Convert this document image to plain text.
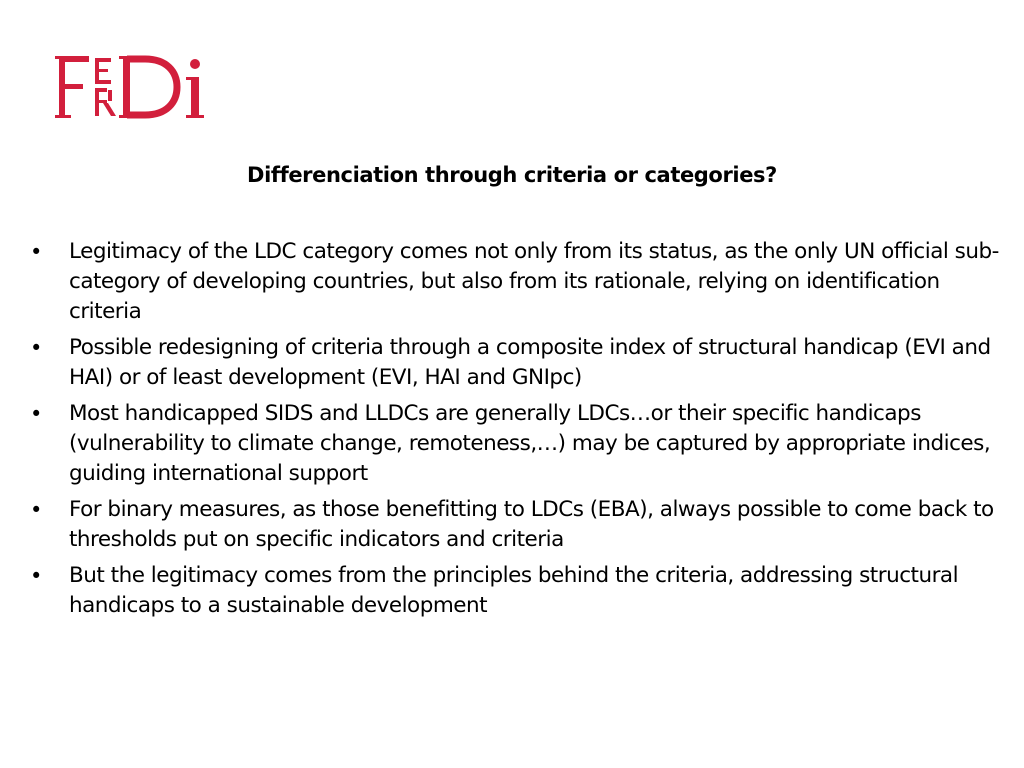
Differenciation through criteria or categories?
•	Legitimacy of the LDC category comes not only from its status, as the only UN official sub- category of developing countries, but also from its rationale, relying on identification criteria
•	Possible redesigning of criteria through a composite index of structural handicap (EVI and HAI) or of least development (EVI, HAI and GNIpc)
•	Most handicapped SIDS and LLDCs are generally LDCs…or their specific handicaps (vulnerability to climate change, remoteness,…) may be captured by appropriate indices, guiding international support
•	For binary measures, as those benefitting to LDCs (EBA), always possible to come back to thresholds put on specific indicators and criteria
•	But the legitimacy comes from the principles behind the criteria, addressing structural handicaps to a sustainable development
